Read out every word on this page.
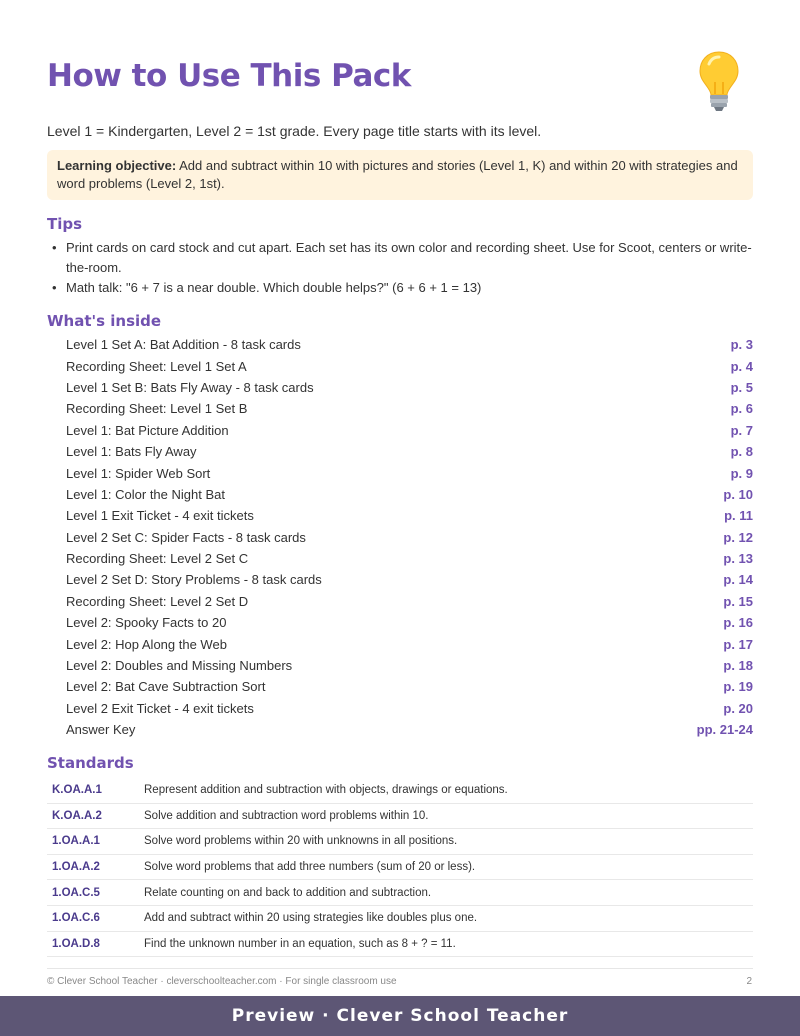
How to Use This Pack

Level 1 = Kindergarten, Level 2 = 1st grade. Every page title starts with its level.

Learning objective: Add and subtract within 10 with pictures and stories (Level 1, K) and within 20 with strategies and word problems (Level 2, 1st).
Tips
• Print cards on card stock and cut apart. Each set has its own color and recording sheet. Use for Scoot, centers or write-the-room.
• Math talk: "6 + 7 is a near double. Which double helps?" (6 + 6 + 1 = 13)
What's inside
Level 1 Set A: Bat Addition - 8 task cards	p. 3
Recording Sheet: Level 1 Set A	p. 4
Level 1 Set B: Bats Fly Away - 8 task cards	p. 5
Recording Sheet: Level 1 Set B	p. 6
Level 1: Bat Picture Addition	p. 7
Level 1: Bats Fly Away	p. 8
Level 1: Spider Web Sort	p. 9
Level 1: Color the Night Bat	p. 10
Level 1 Exit Ticket - 4 exit tickets	p. 11
Level 2 Set C: Spider Facts - 8 task cards	p. 12
Recording Sheet: Level 2 Set C	p. 13
Level 2 Set D: Story Problems - 8 task cards	p. 14
Recording Sheet: Level 2 Set D	p. 15
Level 2: Spooky Facts to 20	p. 16
Level 2: Hop Along the Web	p. 17
Level 2: Doubles and Missing Numbers	p. 18
Level 2: Bat Cave Subtraction Sort	p. 19
Level 2 Exit Ticket - 4 exit tickets	p. 20
Answer Key	pp. 21-24
Standards
K.OA.A.1	Represent addition and subtraction with objects, drawings or equations.
K.OA.A.2	Solve addition and subtraction word problems within 10.
1.OA.A.1	Solve word problems within 20 with unknowns in all positions.
1.OA.A.2	Solve word problems that add three numbers (sum of 20 or less).
1.OA.C.5	Relate counting on and back to addition and subtraction.
1.OA.C.6	Add and subtract within 20 using strategies like doubles plus one.
1.OA.D.8	Find the unknown number in an equation, such as 8 + ? = 11.
© Clever School Teacher · cleverschoolteacher.com · For single classroom use	2
Preview · Clever School Teacher
